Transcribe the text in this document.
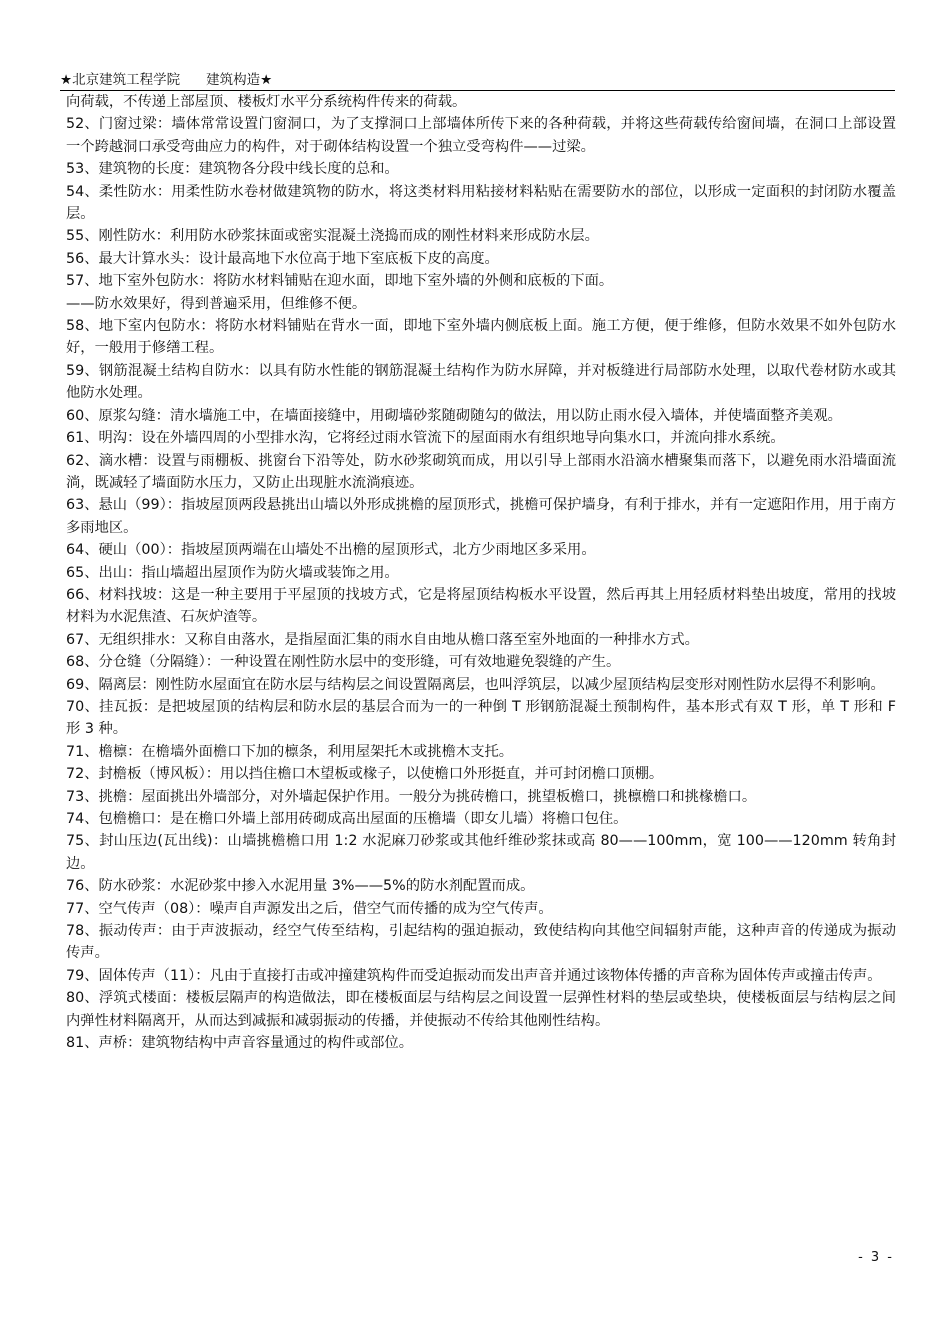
★北京建筑工程学院 建筑构造★

向荷载，不传递上部屋顶、楼板灯水平分系统构件传来的荷载。

52、门窗过梁：墙体常常设置门窗洞口，为了支撑洞口上部墙体所传下来的各种荷载，并将这些荷载传给窗间墙，在洞口上部设置一个跨越洞口承受弯曲应力的构件，对于砌体结构设置一个独立受弯构件——过梁。

53、建筑物的长度：建筑物各分段中线长度的总和。

54、柔性防水：用柔性防水卷材做建筑物的防水，将这类材料用粘接材料粘贴在需要防水的部位，以形成一定面积的封闭防水覆盖层。

55、刚性防水：利用防水砂浆抹面或密实混凝土浇捣而成的刚性材料来形成防水层。

56、最大计算水头：设计最高地下水位高于地下室底板下皮的高度。

57、地下室外包防水：将防水材料铺贴在迎水面，即地下室外墙的外侧和底板的下面。

——防水效果好，得到普遍采用，但维修不便。

58、地下室内包防水：将防水材料铺贴在背水一面，即地下室外墙内侧底板上面。施工方便，便于维修，但防水效果不如外包防水好，一般用于修缮工程。

59、钢筋混凝土结构自防水：以具有防水性能的钢筋混凝土结构作为防水屏障，并对板缝进行局部防水处理，以取代卷材防水或其他防水处理。

60、原浆勾缝：清水墙施工中，在墙面接缝中，用砌墙砂浆随砌随勾的做法，用以防止雨水侵入墙体，并使墙面整齐美观。

61、明沟：设在外墙四周的小型排水沟，它将经过雨水管流下的屋面雨水有组织地导向集水口，并流向排水系统。

62、滴水槽：设置与雨棚板、挑窗台下沿等处，防水砂浆砌筑而成，用以引导上部雨水沿滴水槽聚集而落下，以避免雨水沿墙面流淌，既减轻了墙面防水压力，又防止出现脏水流淌痕迹。

63、悬山（99）：指坡屋顶两段悬挑出山墙以外形成挑檐的屋顶形式，挑檐可保护墙身，有利于排水，并有一定遮阳作用，用于南方多雨地区。

64、硬山（00）：指坡屋顶两端在山墙处不出檐的屋顶形式，北方少雨地区多采用。

65、出山：指山墙超出屋顶作为防火墙或装饰之用。

66、材料找坡：这是一种主要用于平屋顶的找坡方式，它是将屋顶结构板水平设置，然后再其上用轻质材料垫出坡度，常用的找坡材料为水泥焦渣、石灰炉渣等。

67、无组织排水：又称自由落水，是指屋面汇集的雨水自由地从檐口落至室外地面的一种排水方式。

68、分仓缝（分隔缝）：一种设置在刚性防水层中的变形缝，可有效地避免裂缝的产生。

69、隔离层：刚性防水屋面宜在防水层与结构层之间设置隔离层，也叫浮筑层，以减少屋顶结构层变形对刚性防水层得不利影响。

70、挂瓦扳：是把坡屋顶的结构层和防水层的基层合而为一的一种倒 T 形钢筋混凝土预制构件，基本形式有双 T 形，单 T 形和 F 形 3 种。

71、檐檩：在檐墙外面檐口下加的檩条，利用屋架托木或挑檐木支托。

72、封檐板（博风板）：用以挡住檐口木望板或椽子，以使檐口外形挺直，并可封闭檐口顶棚。

73、挑檐：屋面挑出外墙部分，对外墙起保护作用。一般分为挑砖檐口，挑望板檐口，挑檩檐口和挑椽檐口。

74、包檐檐口：是在檐口外墙上部用砖砌成高出屋面的压檐墙（即女儿墙）将檐口包住。

75、封山压边(瓦出线)：山墙挑檐檐口用 1:2 水泥麻刀砂浆或其他纤维砂浆抹或高 80——100mm，宽 100——120mm 转角封边。

76、防水砂浆：水泥砂浆中掺入水泥用量 3%——5%的防水剂配置而成。

77、空气传声（08）：噪声自声源发出之后，借空气而传播的成为空气传声。

78、振动传声：由于声波振动，经空气传至结构，引起结构的强迫振动，致使结构向其他空间辐射声能，这种声音的传递成为振动传声。

79、固体传声（11）：凡由于直接打击或冲撞建筑构件而受迫振动而发出声音并通过该物体传播的声音称为固体传声或撞击传声。

80、浮筑式楼面：楼板层隔声的构造做法，即在楼板面层与结构层之间设置一层弹性材料的垫层或垫块，使楼板面层与结构层之间内弹性材料隔离开，从而达到减振和减弱振动的传播，并使振动不传给其他刚性结构。

81、声桥：建筑物结构中声音容量通过的构件或部位。

- 3 -
